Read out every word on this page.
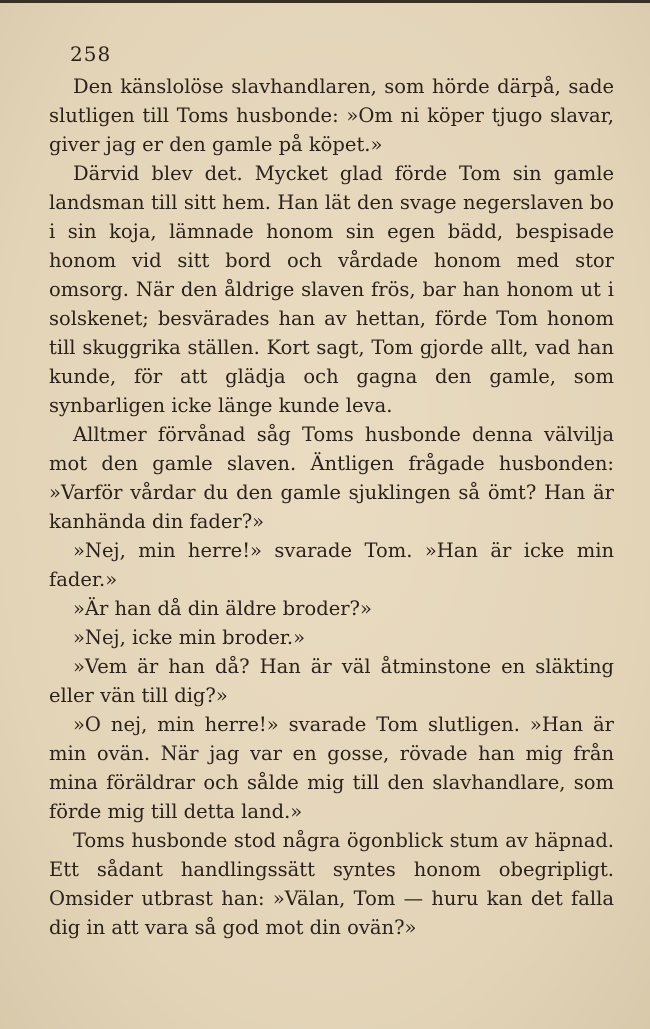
258

Den känslolöse slavhandlaren, som hörde därpå, sade slutligen till Toms husbonde: »Om ni köper tjugo slavar, giver jag er den gamle på köpet.»

Därvid blev det. Mycket glad förde Tom sin gamle landsman till sitt hem. Han lät den svage negerslaven bo i sin koja, lämnade honom sin egen bädd, bespisade honom vid sitt bord och vårdade honom med stor omsorg. När den åldrige slaven frös, bar han honom ut i solskenet; besvärades han av hettan, förde Tom honom till skuggrika ställen. Kort sagt, Tom gjorde allt, vad han kunde, för att glädja och gagna den gamle, som synbarligen icke länge kunde leva.

Alltmer förvånad såg Toms husbonde denna välvilja mot den gamle slaven. Äntligen frågade husbonden: »Varför vårdar du den gamle sjuklingen så ömt? Han är kanhända din fader?»

»Nej, min herre!» svarade Tom. »Han är icke min fader.»

»Är han då din äldre broder?»

»Nej, icke min broder.»

»Vem är han då? Han är väl åtminstone en släkting eller vän till dig?»

»O nej, min herre!» svarade Tom slutligen. »Han är min ovän. När jag var en gosse, rövade han mig från mina föräldrar och sålde mig till den slavhandlare, som förde mig till detta land.»

Toms husbonde stod några ögonblick stum av häpnad. Ett sådant handlingssätt syntes honom obegripligt. Omsider utbrast han: »Välan, Tom — huru kan det falla dig in att vara så god mot din ovän?»
